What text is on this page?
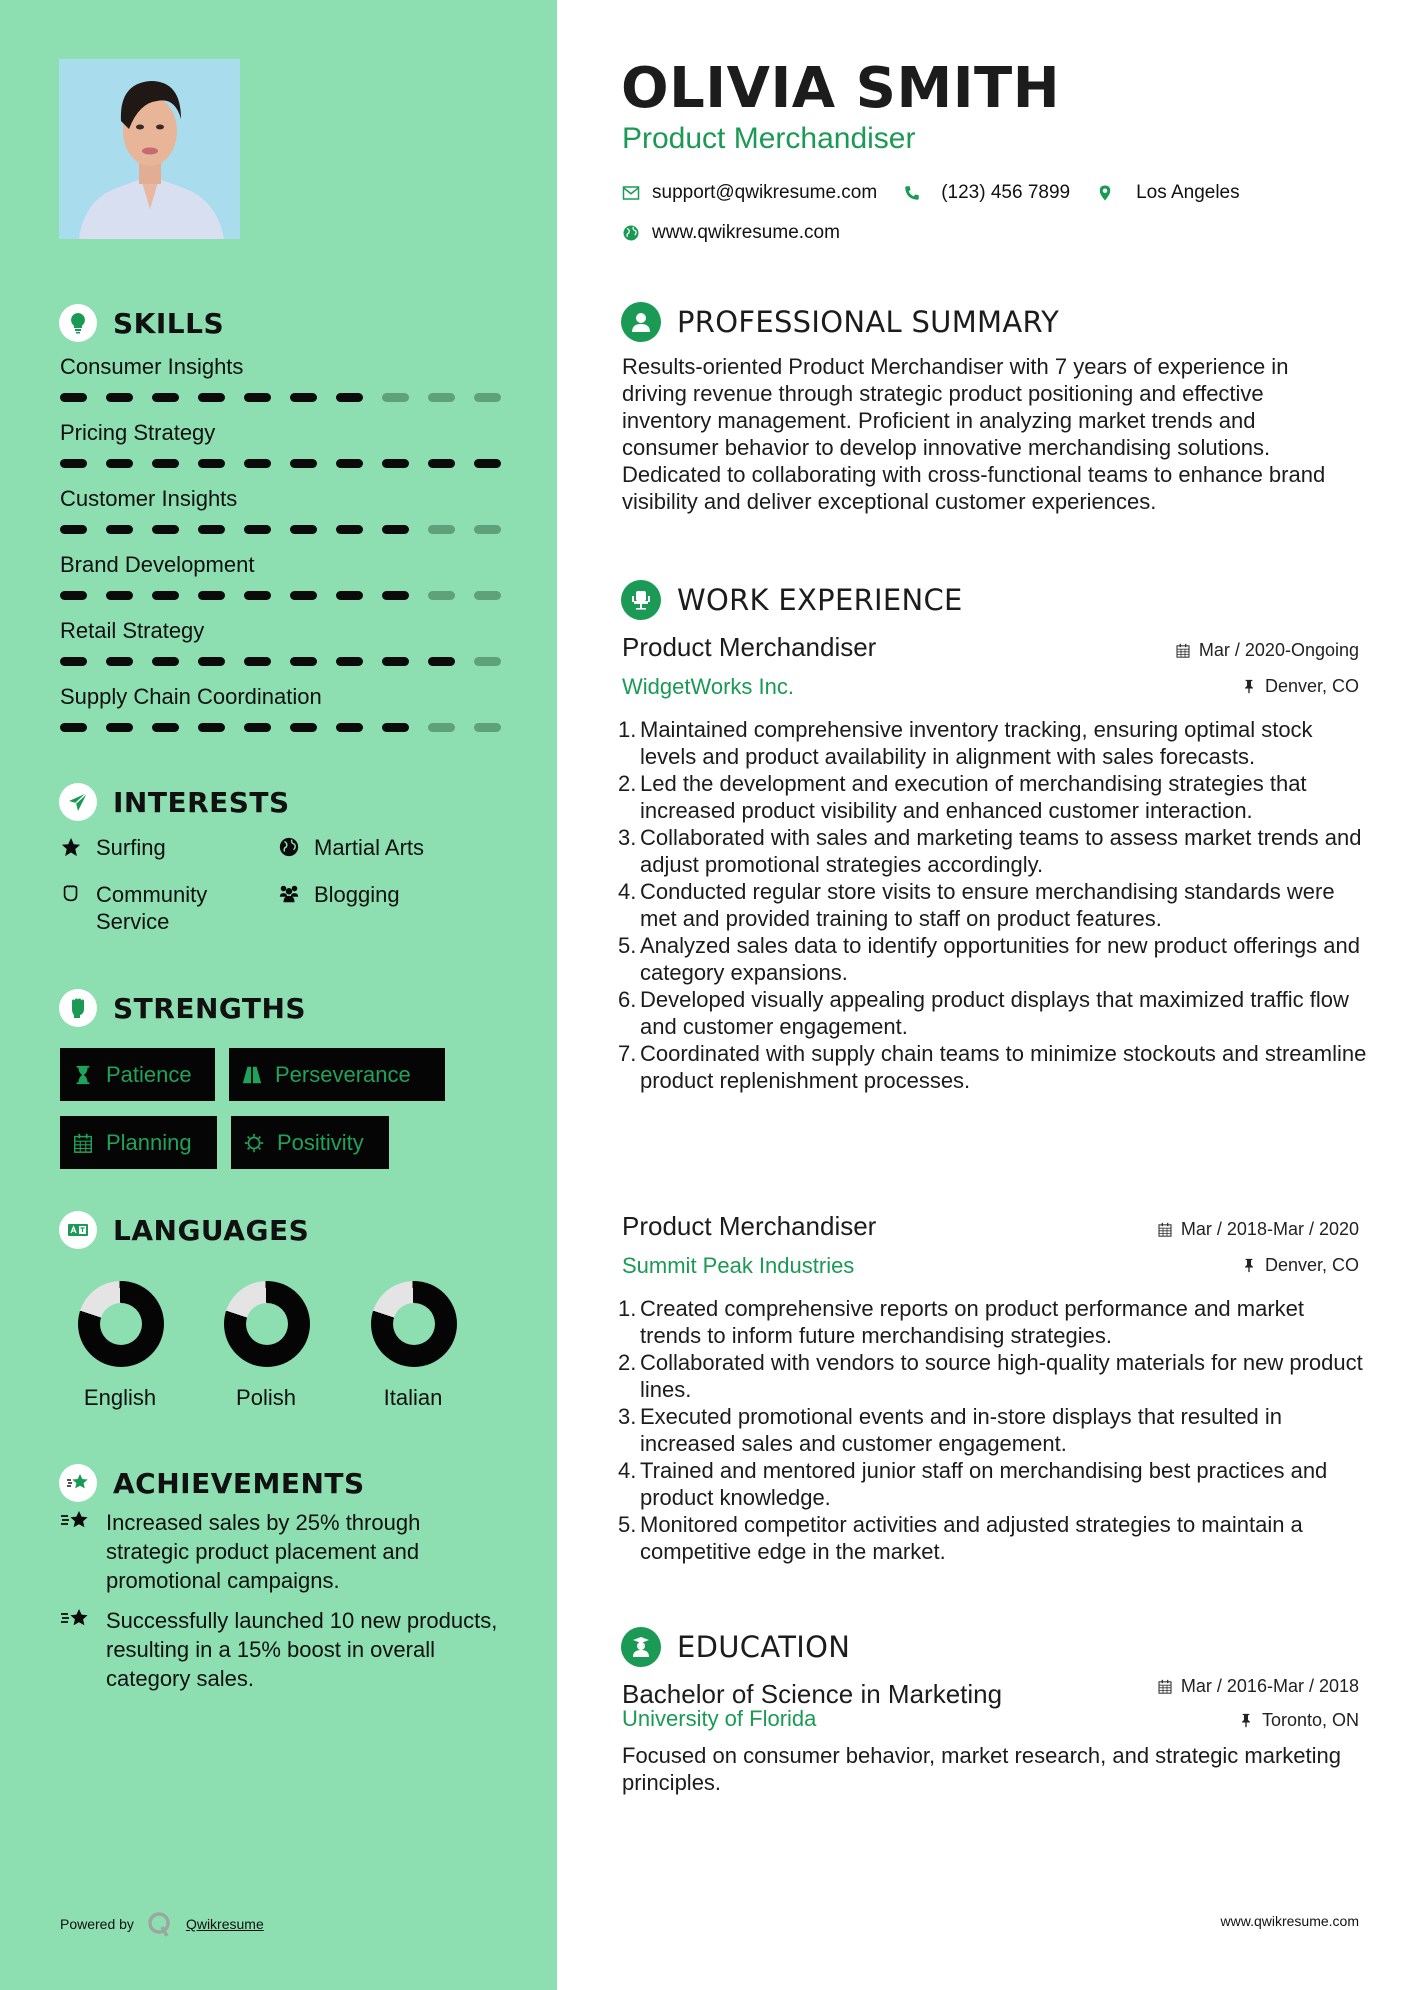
SKILLS
Consumer Insights
Pricing Strategy
Customer Insights
Brand Development
Retail Strategy
Supply Chain Coordination
INTERESTS
Surfing	Martial Arts
Community Service
Blogging
STRENGTHS
Patience	Perseverance
Planning	Positivity
LANGUAGES
English	Polish	Italian
ACHIEVEMENTS
Increased sales by 25% through strategic product placement and promotional campaigns.
Successfully launched 10 new products, resulting in a 15% boost in overall category sales.
Powered by	Qwikresume
OLIVIA SMITH
Product Merchandiser
support@qwikresume.com	(123) 456 7899	Los Angeles
www.qwikresume.com
PROFESSIONAL SUMMARY
Results-oriented Product Merchandiser with 7 years of experience in driving revenue through strategic product positioning and effective inventory management. Proficient in analyzing market trends and consumer behavior to develop innovative merchandising solutions. Dedicated to collaborating with cross-functional teams to enhance brand visibility and deliver exceptional customer experiences.
WORK EXPERIENCE
Product Merchandiser	Mar / 2020-Ongoing
WidgetWorks Inc.	Denver, CO
Maintained comprehensive inventory tracking, ensuring optimal stock levels and product availability in alignment with sales forecasts.
Led the development and execution of merchandising strategies that increased product visibility and enhanced customer interaction.
Collaborated with sales and marketing teams to assess market trends and adjust promotional strategies accordingly.
Conducted regular store visits to ensure merchandising standards were met and provided training to staff on product features.
Analyzed sales data to identify opportunities for new product offerings and category expansions.
Developed visually appealing product displays that maximized traffic flow and customer engagement.
Coordinated with supply chain teams to minimize stockouts and streamline product replenishment processes.
Product Merchandiser	Mar / 2018-Mar / 2020
Summit Peak Industries	Denver, CO
Created comprehensive reports on product performance and market trends to inform future merchandising strategies.
Collaborated with vendors to source high-quality materials for new product lines.
Executed promotional events and in-store displays that resulted in increased sales and customer engagement.
Trained and mentored junior staff on merchandising best practices and product knowledge.
Monitored competitor activities and adjusted strategies to maintain a competitive edge in the market.
EDUCATION
Bachelor of Science in Marketing	Mar / 2016-Mar / 2018
University of Florida	Toronto, ON
Focused on consumer behavior, market research, and strategic marketing principles.
www.qwikresume.com
